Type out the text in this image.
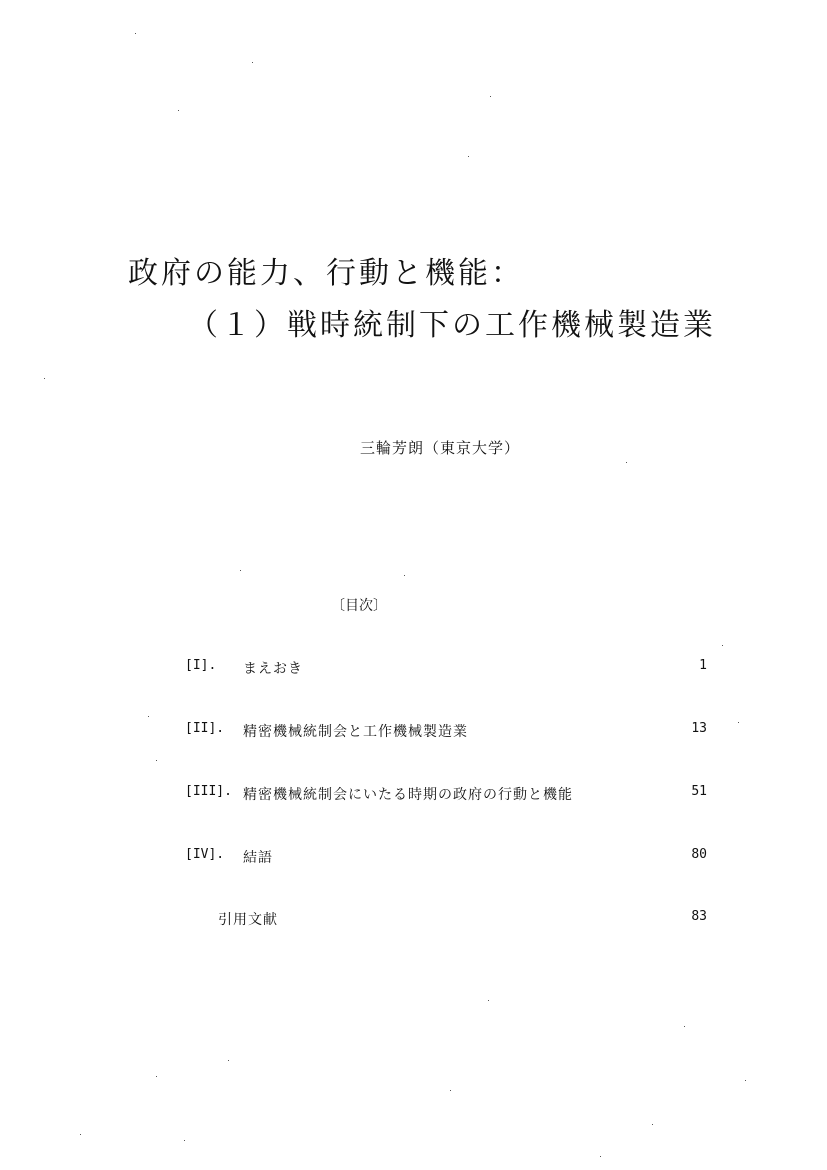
政府の能力、行動と機能：
（１）戦時統制下の工作機械製造業
三輪芳朗（東京大学）
〔目次〕
[I]. まえおき	1
[II]. 精密機械統制会と工作機械製造業	13
[III]. 精密機械統制会にいたる時期の政府の行動と機能	51
[IV]. 結語	80
引用文献	83
